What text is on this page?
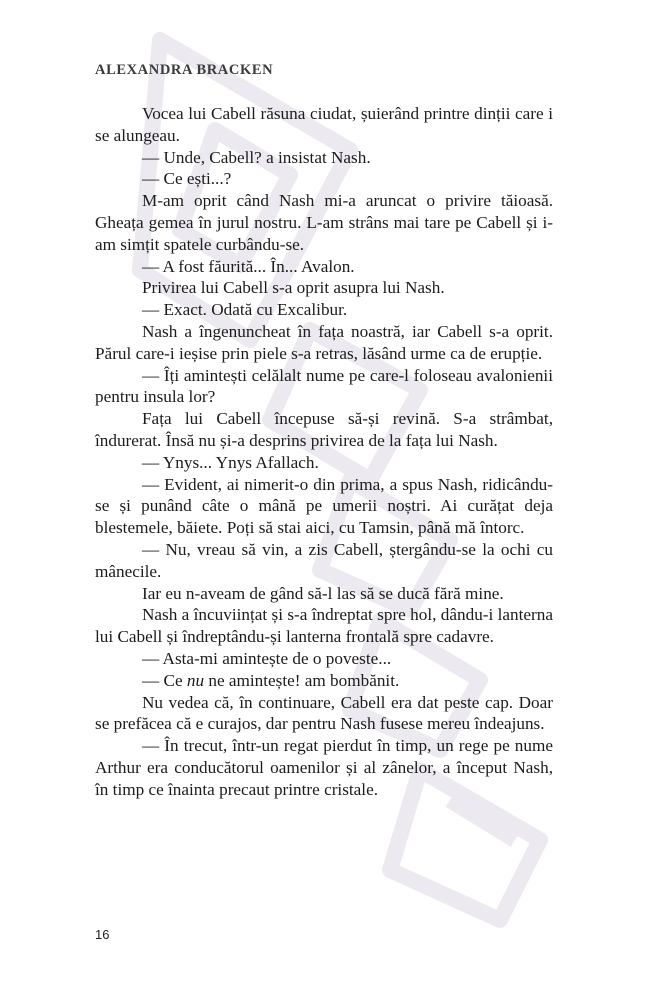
ALEXANDRA BRACKEN

Vocea lui Cabell răsuna ciudat, șuierând printre dinții care i se alungeau.

— Unde, Cabell? a insistat Nash.

— Ce ești...?

M-am oprit când Nash mi-a aruncat o privire tăioasă. Gheața gemea în jurul nostru. L-am strâns mai tare pe Cabell și i-am simțit spatele curbându-se.

— A fost făurită... În... Avalon.

Privirea lui Cabell s-a oprit asupra lui Nash.

— Exact. Odată cu Excalibur.

Nash a îngenuncheat în fața noastră, iar Cabell s-a oprit. Părul care-i ieșise prin piele s-a retras, lăsând urme ca de erupție.

— Îți amintești celălalt nume pe care-l foloseau avalonienii pentru insula lor?

Fața lui Cabell începuse să-și revină. S-a strâmbat, îndurerat. Însă nu și-a desprins privirea de la fața lui Nash.

— Ynys... Ynys Afallach.

— Evident, ai nimerit-o din prima, a spus Nash, ridicându-se și punând câte o mână pe umerii noștri. Ai curățat deja blestemele, băiete. Poți să stai aici, cu Tamsin, până mă întorc.

— Nu, vreau să vin, a zis Cabell, ștergându-se la ochi cu mânecile.

Iar eu n-aveam de gând să-l las să se ducă fără mine.

Nash a încuviințat și s-a îndreptat spre hol, dându-i lanterna lui Cabell și îndreptându-și lanterna frontală spre cadavre.

— Asta-mi amintește de o poveste...

— Ce nu ne amintește! am bombănit.

Nu vedea că, în continuare, Cabell era dat peste cap. Doar se prefăcea că e curajos, dar pentru Nash fusese mereu îndeajuns.

— În trecut, într-un regat pierdut în timp, un rege pe nume Arthur era conducătorul oamenilor și al zânelor, a început Nash, în timp ce înainta precaut printre cristale.

16
